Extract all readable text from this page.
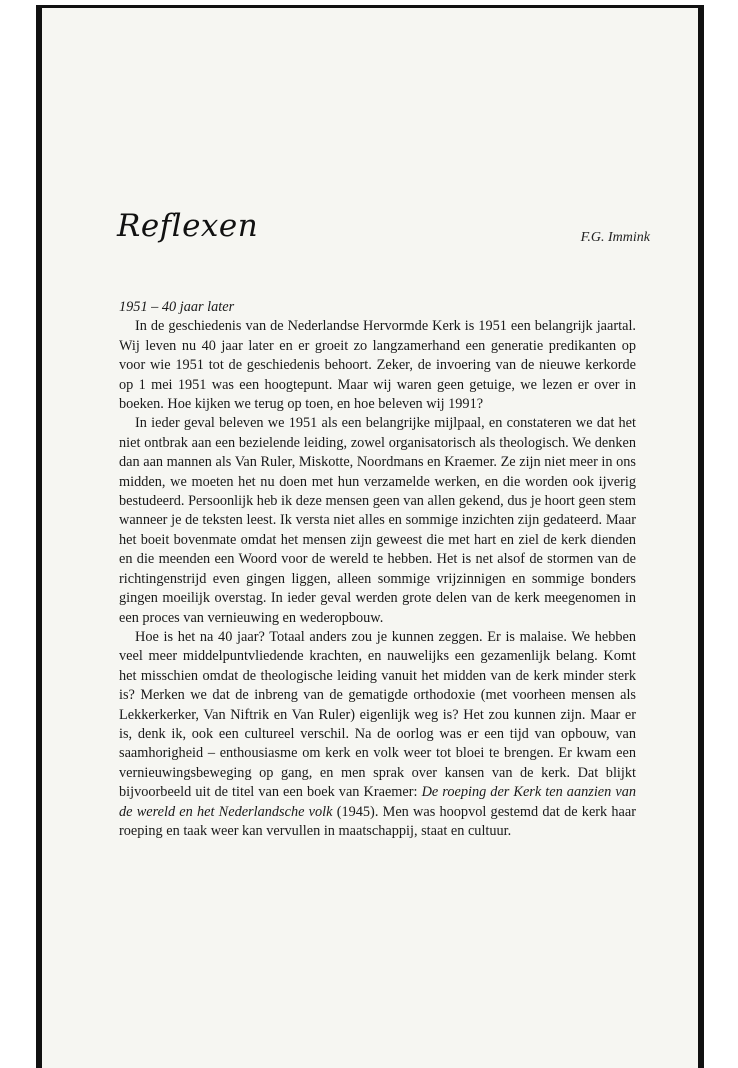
Reflexen	F.G. Immink

1951 – 40 jaar later

In de geschiedenis van de Nederlandse Hervormde Kerk is 1951 een belangrijk jaartal. Wij leven nu 40 jaar later en er groeit zo langzamerhand een generatie predikanten op voor wie 1951 tot de geschiedenis behoort. Zeker, de invoering van de nieuwe kerkorde op 1 mei 1951 was een hoogtepunt. Maar wij waren geen getuige, we lezen er over in boeken. Hoe kijken we terug op toen, en hoe beleven wij 1991?

In ieder geval beleven we 1951 als een belangrijke mijlpaal, en constateren we dat het niet ontbrak aan een bezielende leiding, zowel organisatorisch als theologisch. We denken dan aan mannen als Van Ruler, Miskotte, Noordmans en Kraemer. Ze zijn niet meer in ons midden, we moeten het nu doen met hun verzamelde werken, en die worden ook ijverig bestudeerd. Persoonlijk heb ik deze mensen geen van allen gekend, dus je hoort geen stem wanneer je de teksten leest. Ik versta niet alles en sommige inzichten zijn gedateerd. Maar het boeit bovenmate omdat het mensen zijn geweest die met hart en ziel de kerk dienden en die meenden een Woord voor de wereld te hebben. Het is net alsof de stormen van de richtingenstrijd even gingen liggen, alleen sommige vrijzinnigen en sommige bonders gingen moeilijk overstag. In ieder geval werden grote delen van de kerk meegenomen in een proces van vernieuwing en wederopbouw.

Hoe is het na 40 jaar? Totaal anders zou je kunnen zeggen. Er is malaise. We hebben veel meer middelpuntvliedende krachten, en nauwelijks een gezamenlijk belang. Komt het misschien omdat de theologische leiding vanuit het midden van de kerk minder sterk is? Merken we dat de inbreng van de gematigde orthodoxie (met voorheen mensen als Lekkerkerker, Van Niftrik en Van Ruler) eigenlijk weg is? Het zou kunnen zijn. Maar er is, denk ik, ook een cultureel verschil. Na de oorlog was er een tijd van opbouw, van saamhorigheid – enthousiasme om kerk en volk weer tot bloei te brengen. Er kwam een vernieuwingsbeweging op gang, en men sprak over kansen van de kerk. Dat blijkt bijvoorbeeld uit de titel van een boek van Kraemer: De roeping der Kerk ten aanzien van de wereld en het Nederlandsche volk (1945). Men was hoopvol gestemd dat de kerk haar roeping en taak weer kan vervullen in maatschappij, staat en cultuur.
